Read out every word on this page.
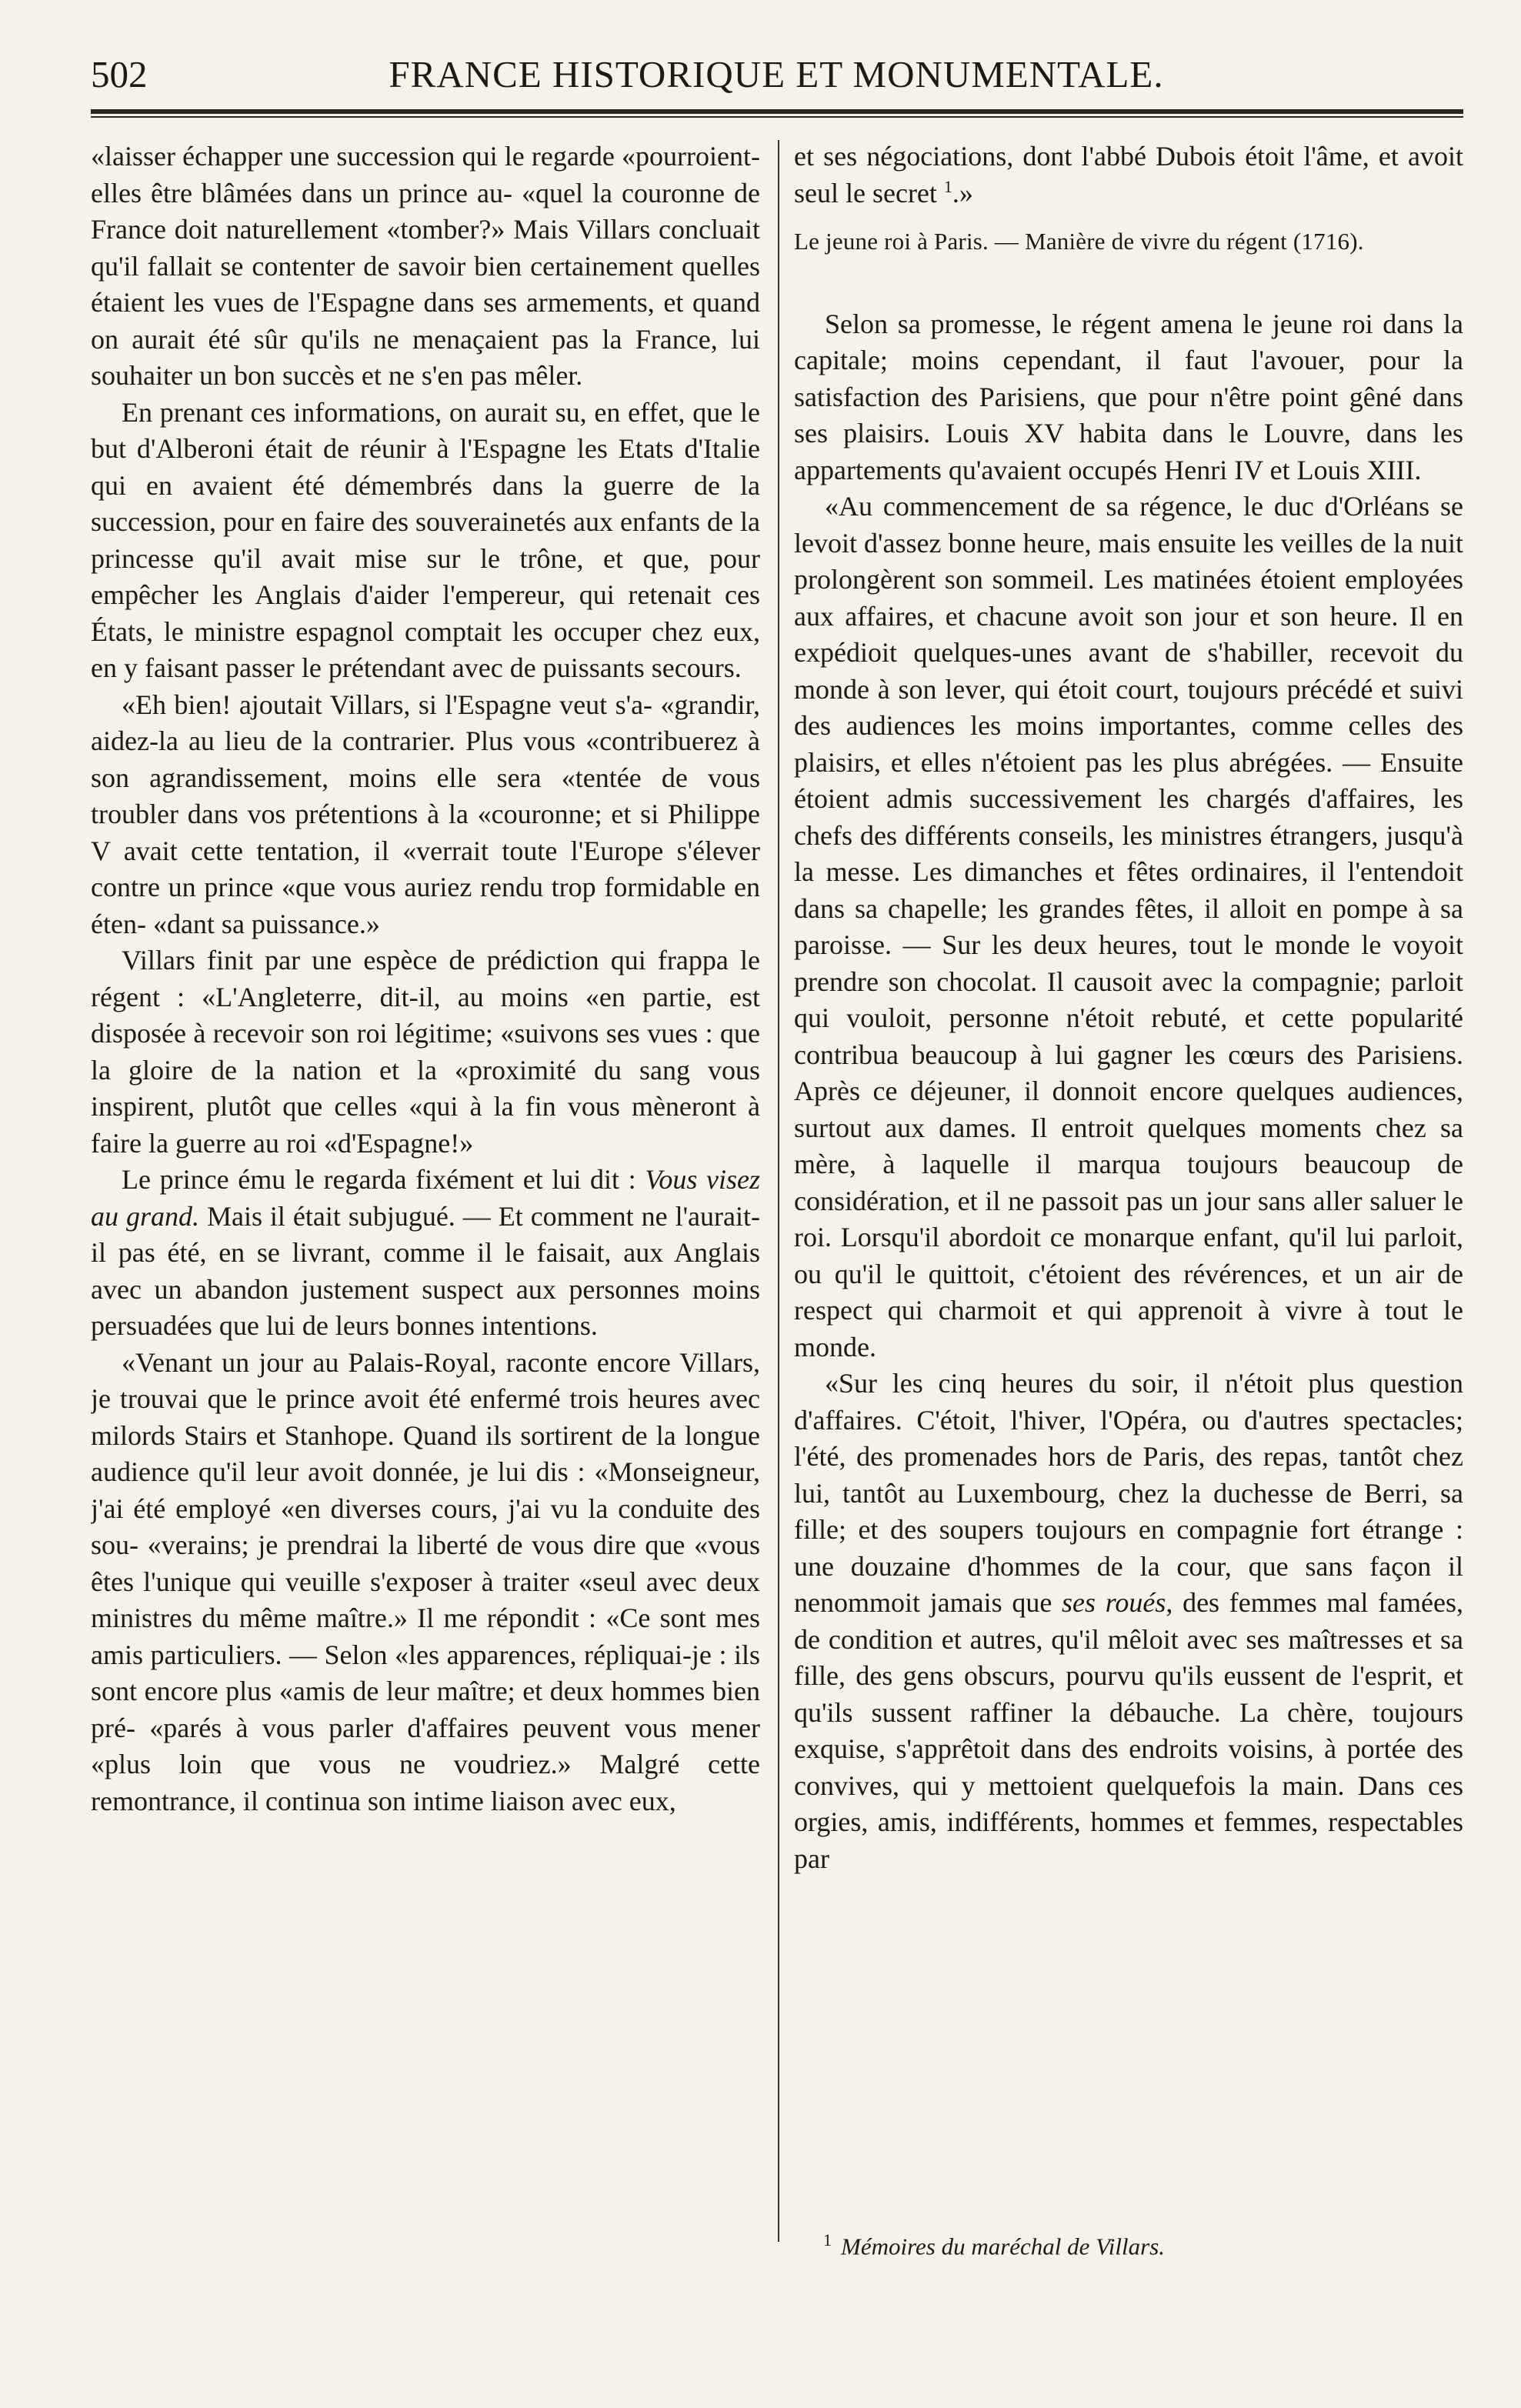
502	FRANCE HISTORIQUE ET MONUMENTALE.

«laisser échapper une succession qui le regarde «pourroient-elles être blâmées dans un prince au- «quel la couronne de France doit naturellement «tomber?» Mais Villars concluait qu'il fallait se contenter de savoir bien certainement quelles étaient les vues de l'Espagne dans ses armements, et quand on aurait été sûr qu'ils ne menaçaient pas la France, lui souhaiter un bon succès et ne s'en pas mêler.

En prenant ces informations, on aurait su, en effet, que le but d'Alberoni était de réunir à l'Espagne les Etats d'Italie qui en avaient été démembrés dans la guerre de la succession, pour en faire des souverainetés aux enfants de la princesse qu'il avait mise sur le trône, et que, pour empêcher les Anglais d'aider l'empereur, qui retenait ces États, le ministre espagnol comptait les occuper chez eux, en y faisant passer le prétendant avec de puissants secours.

«Eh bien! ajoutait Villars, si l'Espagne veut s'a- «grandir, aidez-la au lieu de la contrarier. Plus vous «contribuerez à son agrandissement, moins elle sera «tentée de vous troubler dans vos prétentions à la «couronne; et si Philippe V avait cette tentation, il «verrait toute l'Europe s'élever contre un prince «que vous auriez rendu trop formidable en éten- «dant sa puissance.»

Villars finit par une espèce de prédiction qui frappa le régent : «L'Angleterre, dit-il, au moins «en partie, est disposée à recevoir son roi légitime; «suivons ses vues : que la gloire de la nation et la «proximité du sang vous inspirent, plutôt que celles «qui à la fin vous mèneront à faire la guerre au roi «d'Espagne!»

Le prince ému le regarda fixément et lui dit : Vous visez au grand. Mais il était subjugué. — Et comment ne l'aurait-il pas été, en se livrant, comme il le faisait, aux Anglais avec un abandon justement suspect aux personnes moins persuadées que lui de leurs bonnes intentions.

«Venant un jour au Palais-Royal, raconte encore Villars, je trouvai que le prince avoit été enfermé trois heures avec milords Stairs et Stanhope. Quand ils sortirent de la longue audience qu'il leur avoit donnée, je lui dis : «Monseigneur, j'ai été employé «en diverses cours, j'ai vu la conduite des sou- «verains; je prendrai la liberté de vous dire que «vous êtes l'unique qui veuille s'exposer à traiter «seul avec deux ministres du même maître.» Il me répondit : «Ce sont mes amis particuliers. — Selon «les apparences, répliquai-je : ils sont encore plus «amis de leur maître; et deux hommes bien pré- «parés à vous parler d'affaires peuvent vous mener «plus loin que vous ne voudriez.» Malgré cette remontrance, il continua son intime liaison avec eux,

et ses négociations, dont l'abbé Dubois étoit l'âme, et avoit seul le secret $^1$.»

Le jeune roi à Paris. — Manière de vivre du régent (1716).

Selon sa promesse, le régent amena le jeune roi dans la capitale; moins cependant, il faut l'avouer, pour la satisfaction des Parisiens, que pour n'être point gêné dans ses plaisirs. Louis XV habita dans le Louvre, dans les appartements qu'avaient occupés Henri IV et Louis XIII.

«Au commencement de sa régence, le duc d'Orléans se levoit d'assez bonne heure, mais ensuite les veilles de la nuit prolongèrent son sommeil. Les matinées étoient employées aux affaires, et chacune avoit son jour et son heure. Il en expédioit quelques-unes avant de s'habiller, recevoit du monde à son lever, qui étoit court, toujours précédé et suivi des audiences les moins importantes, comme celles des plaisirs, et elles n'étoient pas les plus abrégées. — Ensuite étoient admis successivement les chargés d'affaires, les chefs des différents conseils, les ministres étrangers, jusqu'à la messe. Les dimanches et fêtes ordinaires, il l'entendoit dans sa chapelle; les grandes fêtes, il alloit en pompe à sa paroisse. — Sur les deux heures, tout le monde le voyoit prendre son chocolat. Il causoit avec la compagnie; parloit qui vouloit, personne n'étoit rebuté, et cette popularité contribua beaucoup à lui gagner les cœurs des Parisiens. Après ce déjeuner, il donnoit encore quelques audiences, surtout aux dames. Il entroit quelques moments chez sa mère, à laquelle il marqua toujours beaucoup de considération, et il ne passoit pas un jour sans aller saluer le roi. Lorsqu'il abordoit ce monarque enfant, qu'il lui parloit, ou qu'il le quittoit, c'étoient des révérences, et un air de respect qui charmoit et qui apprenoit à vivre à tout le monde.

«Sur les cinq heures du soir, il n'étoit plus question d'affaires. C'étoit, l'hiver, l'Opéra, ou d'autres spectacles; l'été, des promenades hors de Paris, des repas, tantôt chez lui, tantôt au Luxembourg, chez la duchesse de Berri, sa fille; et des soupers toujours en compagnie fort étrange : une douzaine d'hommes de la cour, que sans façon il nenommoit jamais que ses roués, des femmes mal famées, de condition et autres, qu'il mêloit avec ses maîtresses et sa fille, des gens obscurs, pourvu qu'ils eussent de l'esprit, et qu'ils sussent raffiner la débauche. La chère, toujours exquise, s'apprêtoit dans des endroits voisins, à portée des convives, qui y mettoient quelquefois la main. Dans ces orgies, amis, indifférents, hommes et femmes, respectables par

$^1$ Mémoires du maréchal de Villars.
